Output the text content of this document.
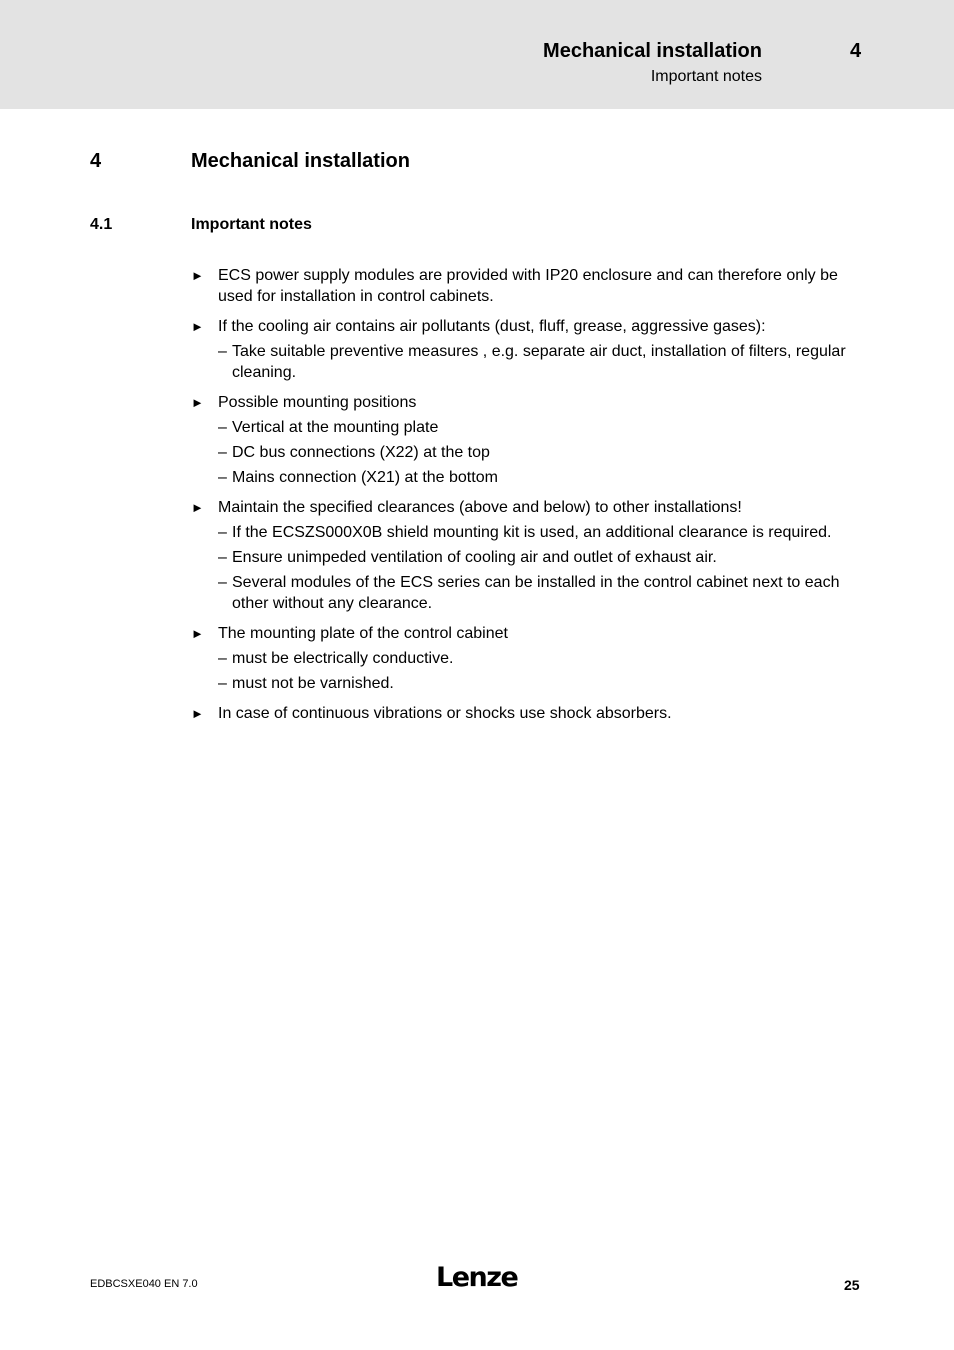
Mechanical installation	4
Important notes
4	Mechanical installation
4.1	Important notes
► ECS power supply modules are provided with IP20 enclosure and can therefore only be used for installation in control cabinets.
► If the cooling air contains air pollutants (dust, fluff, grease, aggressive gases):
– Take suitable preventive measures , e.g. separate air duct, installation of filters, regular cleaning.
► Possible mounting positions
– Vertical at the mounting plate
– DC bus connections (X22) at the top
– Mains connection (X21) at the bottom
► Maintain the specified clearances (above and below) to other installations!
– If the ECSZS000X0B shield mounting kit is used, an additional clearance is required.
– Ensure unimpeded ventilation of cooling air and outlet of exhaust air.
– Several modules of the ECS series can be installed in the control cabinet next to each other without any clearance.
► The mounting plate of the control cabinet
– must be electrically conductive.
– must not be varnished.
► In case of continuous vibrations or shocks use shock absorbers.
EDBCSXE040 EN 7.0	Lenze	25
